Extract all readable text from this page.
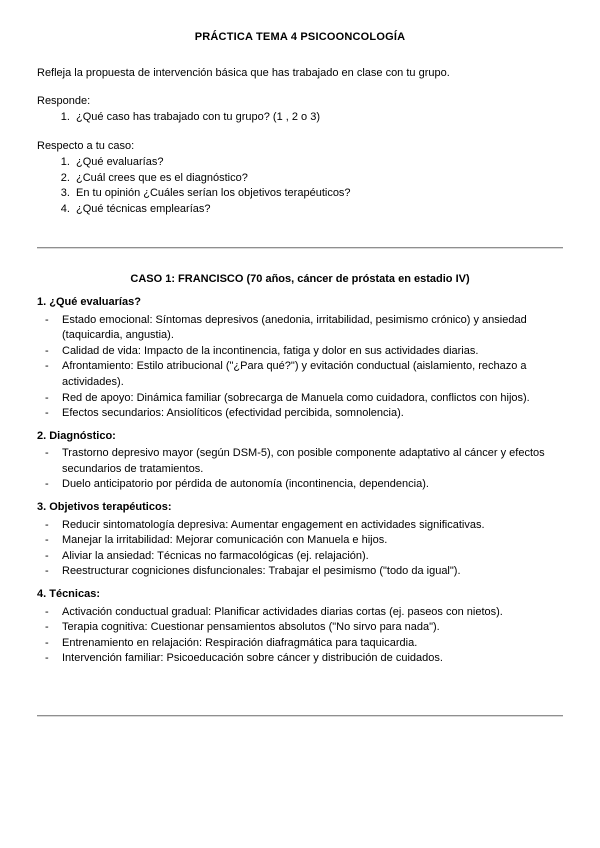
PRÁCTICA TEMA 4 PSICOONCOLOGÍA

Refleja la propuesta de intervención básica que has trabajado en clase con tu grupo.

Responde:

1. ¿Qué caso has trabajado con tu grupo? (1 , 2 o 3)

Respecto a tu caso:

1. ¿Qué evaluarías?
2. ¿Cuál crees que es el diagnóstico?
3. En tu opinión ¿Cuáles serían los objetivos terapéuticos?
4. ¿Qué técnicas emplearías?
CASO 1: FRANCISCO (70 años, cáncer de próstata en estadio IV)
1. ¿Qué evaluarías?
- Estado emocional: Síntomas depresivos (anedonia, irritabilidad, pesimismo crónico) y ansiedad (taquicardia, angustia).
- Calidad de vida: Impacto de la incontinencia, fatiga y dolor en sus actividades diarias.
- Afrontamiento: Estilo atribucional ("¿Para qué?") y evitación conductual (aislamiento, rechazo a actividades).
- Red de apoyo: Dinámica familiar (sobrecarga de Manuela como cuidadora, conflictos con hijos).
- Efectos secundarios: Ansiolíticos (efectividad percibida, somnolencia).
2. Diagnóstico:
- Trastorno depresivo mayor (según DSM-5), con posible componente adaptativo al cáncer y efectos secundarios de tratamientos.
- Duelo anticipatorio por pérdida de autonomía (incontinencia, dependencia).
3. Objetivos terapéuticos:
- Reducir sintomatología depresiva: Aumentar engagement en actividades significativas.
- Manejar la irritabilidad: Mejorar comunicación con Manuela e hijos.
- Aliviar la ansiedad: Técnicas no farmacológicas (ej. relajación).
- Reestructurar cogniciones disfuncionales: Trabajar el pesimismo ("todo da igual").
4. Técnicas:
- Activación conductual gradual: Planificar actividades diarias cortas (ej. paseos con nietos).
- Terapia cognitiva: Cuestionar pensamientos absolutos ("No sirvo para nada").
- Entrenamiento en relajación: Respiración diafragmática para taquicardia.
- Intervención familiar: Psicoeducación sobre cáncer y distribución de cuidados.
